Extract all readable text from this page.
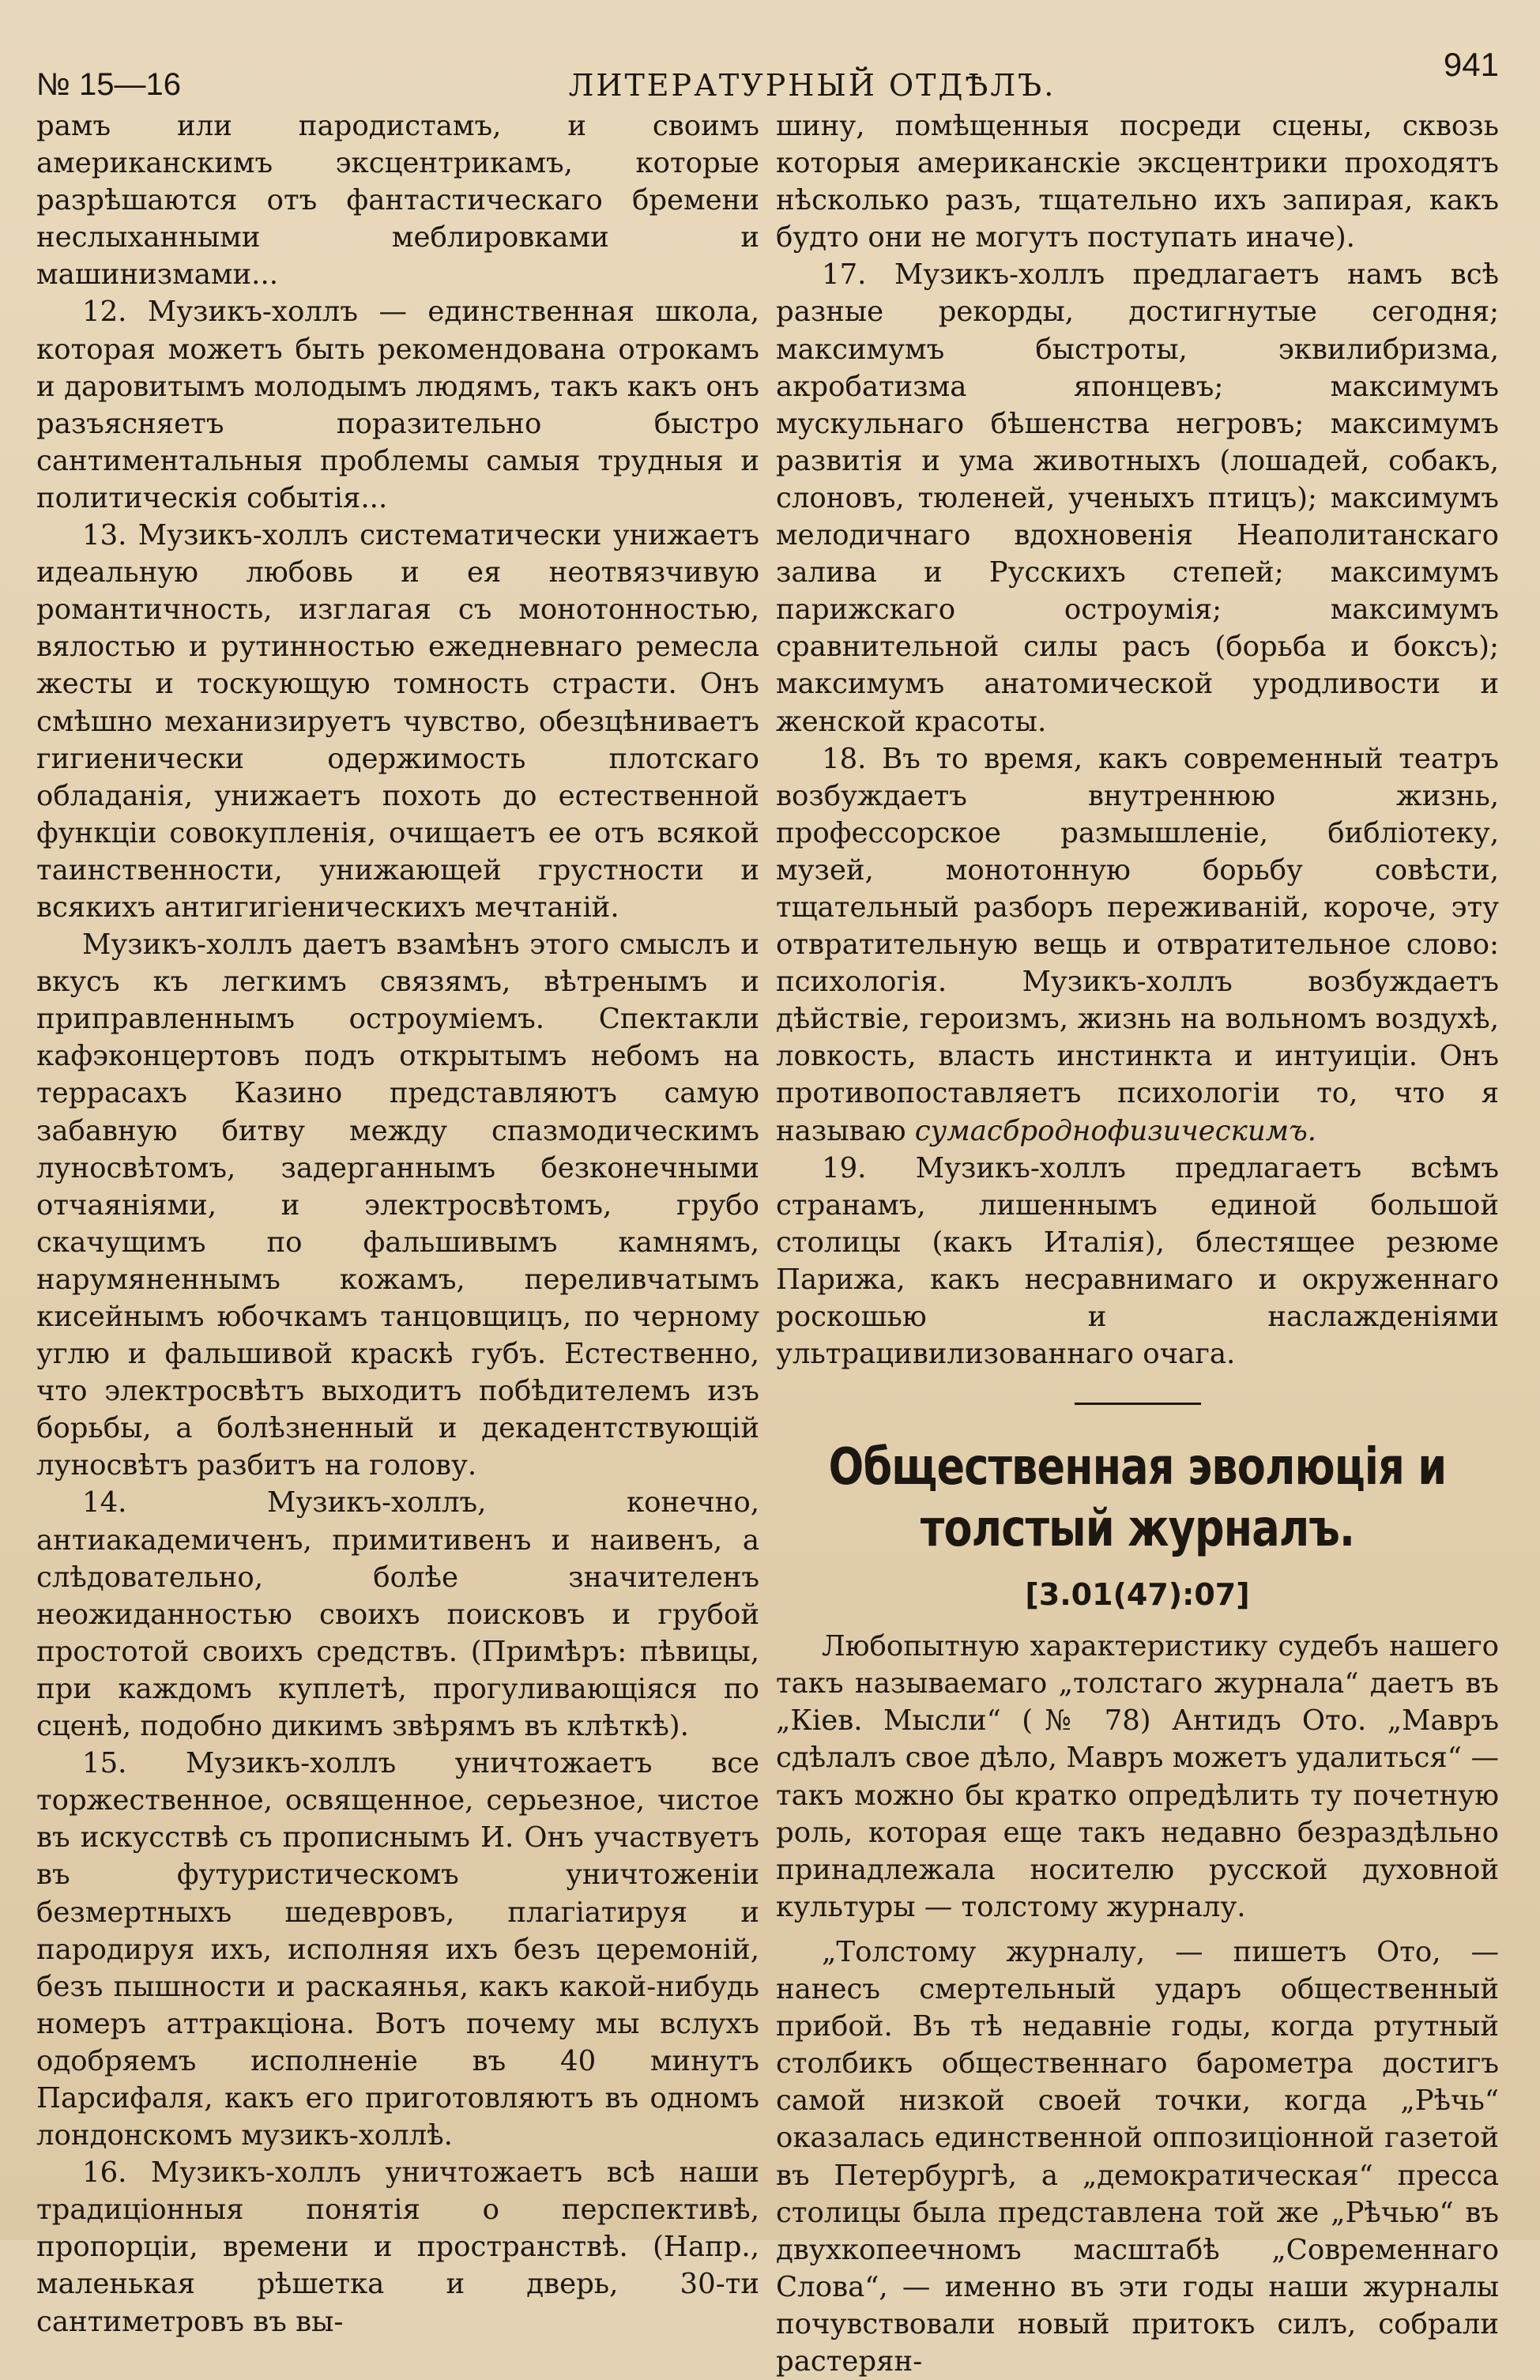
№ 15—16	ЛИТЕРАТУРНЫЙ ОТДѢЛЪ.
941

рамъ или пародистамъ, и своимъ американскимъ эксцентрикамъ, которые разрѣшаются отъ фантастическаго бремени неслыханными меблировками и машинизмами...

12. Музикъ-холлъ — единственная школа, которая можетъ быть рекомендована отрокамъ и даровитымъ молодымъ людямъ, такъ какъ онъ разъясняетъ поразительно быстро сантиментальныя проблемы самыя трудныя и политическія событія...

13. Музикъ-холлъ систематически унижаетъ идеальную любовь и ея неотвязчивую романтичность, изглагая съ монотонностью, вялостью и рутинностью ежедневнаго ремесла жесты и тоскующую томность страсти. Онъ смѣшно механизируетъ чувство, обезцѣниваетъ гигиенически одержимость плотскаго обладанія, унижаетъ похоть до естественной функціи совокупленія, очищаетъ ее отъ всякой таинственности, унижающей грустности и всякихъ антигигіеническихъ мечтаній.

Музикъ-холлъ даетъ взамѣнъ этого смыслъ и вкусъ къ легкимъ связямъ, вѣтренымъ и приправленнымъ остроуміемъ. Спектакли кафэконцертовъ подъ открытымъ небомъ на террасахъ Казино представляютъ самую забавную битву между спазмодическимъ луносвѣтомъ, задерганнымъ безконечными отчаяніями, и электросвѣтомъ, грубо скачущимъ по фальшивымъ камнямъ, нарумяненнымъ кожамъ, переливчатымъ кисейнымъ юбочкамъ танцовщицъ, по черному углю и фальшивой краскѣ губъ. Естественно, что электросвѣтъ выходитъ побѣдителемъ изъ борьбы, а болѣзненный и декадентствующій луносвѣтъ разбитъ на голову.

14. Музикъ-холлъ, конечно, антиакадемиченъ, примитивенъ и наивенъ, а слѣдовательно, болѣе значителенъ неожиданностью своихъ поисковъ и грубой простотой своихъ средствъ. (Примѣръ: пѣвицы, при каждомъ куплетѣ, прогуливающіяся по сценѣ, подобно дикимъ звѣрямъ въ клѣткѣ).

15. Музикъ-холлъ уничтожаетъ все торжественное, освященное, серьезное, чистое въ искусствѣ съ прописнымъ И. Онъ участвуетъ въ футуристическомъ уничтоженіи безмертныхъ шедевровъ, плагіатируя и пародируя ихъ, исполняя ихъ безъ церемоній, безъ пышности и раскаянья, какъ какой-нибудь номеръ аттракціона. Вотъ почему мы вслухъ одобряемъ исполненіе въ 40 минутъ Парсифаля, какъ его приготовляютъ въ одномъ лондонскомъ музикъ-холлѣ.

16. Музикъ-холлъ уничтожаетъ всѣ наши традиціонныя понятія о перспективѣ, пропорціи, времени и пространствѣ. (Напр., маленькая рѣшетка и дверь, 30-ти сантиметровъ въ вы-

шину, помѣщенныя посреди сцены, сквозь которыя американскіе эксцентрики проходятъ нѣсколько разъ, тщательно ихъ запирая, какъ будто они не могутъ поступать иначе).

17. Музикъ-холлъ предлагаетъ намъ всѣ разные рекорды, достигнутые сегодня; максимумъ быстроты, эквилибризма, акробатизма японцевъ; максимумъ мускульнаго бѣшенства негровъ; максимумъ развитія и ума животныхъ (лошадей, собакъ, слоновъ, тюленей, ученыхъ птицъ); максимумъ мелодичнаго вдохновенія Неаполитанскаго залива и Русскихъ степей; максимумъ парижскаго остроумія; максимумъ сравнительной силы расъ (борьба и боксъ); максимумъ анатомической уродливости и женской красоты.

18. Въ то время, какъ современный театръ возбуждаетъ внутреннюю жизнь, профессорское размышленіе, библіотеку, музей, монотонную борьбу совѣсти, тщательный разборъ переживаній, короче, эту отвратительную вещь и отвратительное слово: психологія. Музикъ-холлъ возбуждаетъ дѣйствіе, героизмъ, жизнь на вольномъ воздухѣ, ловкость, власть инстинкта и интуиціи. Онъ противопоставляетъ психологіи то, что я называю сумасброднофизическимъ.

19. Музикъ-холлъ предлагаетъ всѣмъ странамъ, лишеннымъ единой большой столицы (какъ Италія), блестящее резюме Парижа, какъ несравнимаго и окруженнаго роскошью и наслажденіями ультрацивилизованнаго очага.

Общественная эволюція и толстый журналъ.
[3.01(47):07]

Любопытную характеристику судебъ нашего такъ называемаго „толстаго журнала“ даетъ въ „Кіев. Мысли“ (№ 78) Антидъ Ото. „Мавръ сдѣлалъ свое дѣло, Мавръ можетъ удалиться“ — такъ можно бы кратко опредѣлить ту почетную роль, которая еще такъ недавно безраздѣльно принадлежала носителю русской духовной культуры — толстому журналу.

„Толстому журналу, — пишетъ Ото, — нанесъ смертельный ударъ общественный прибой. Въ тѣ недавніе годы, когда ртутный столбикъ общественнаго барометра достигъ самой низкой своей точки, когда „Рѣчь“ оказалась единственной оппозиціонной газетой въ Петербургѣ, а „демократическая“ пресса столицы была представлена той же „Рѣчью“ въ двухкопеечномъ масштабѣ „Современнаго Слова“, — именно въ эти годы наши журналы почувствовали новый притокъ силъ, собрали растерян-
